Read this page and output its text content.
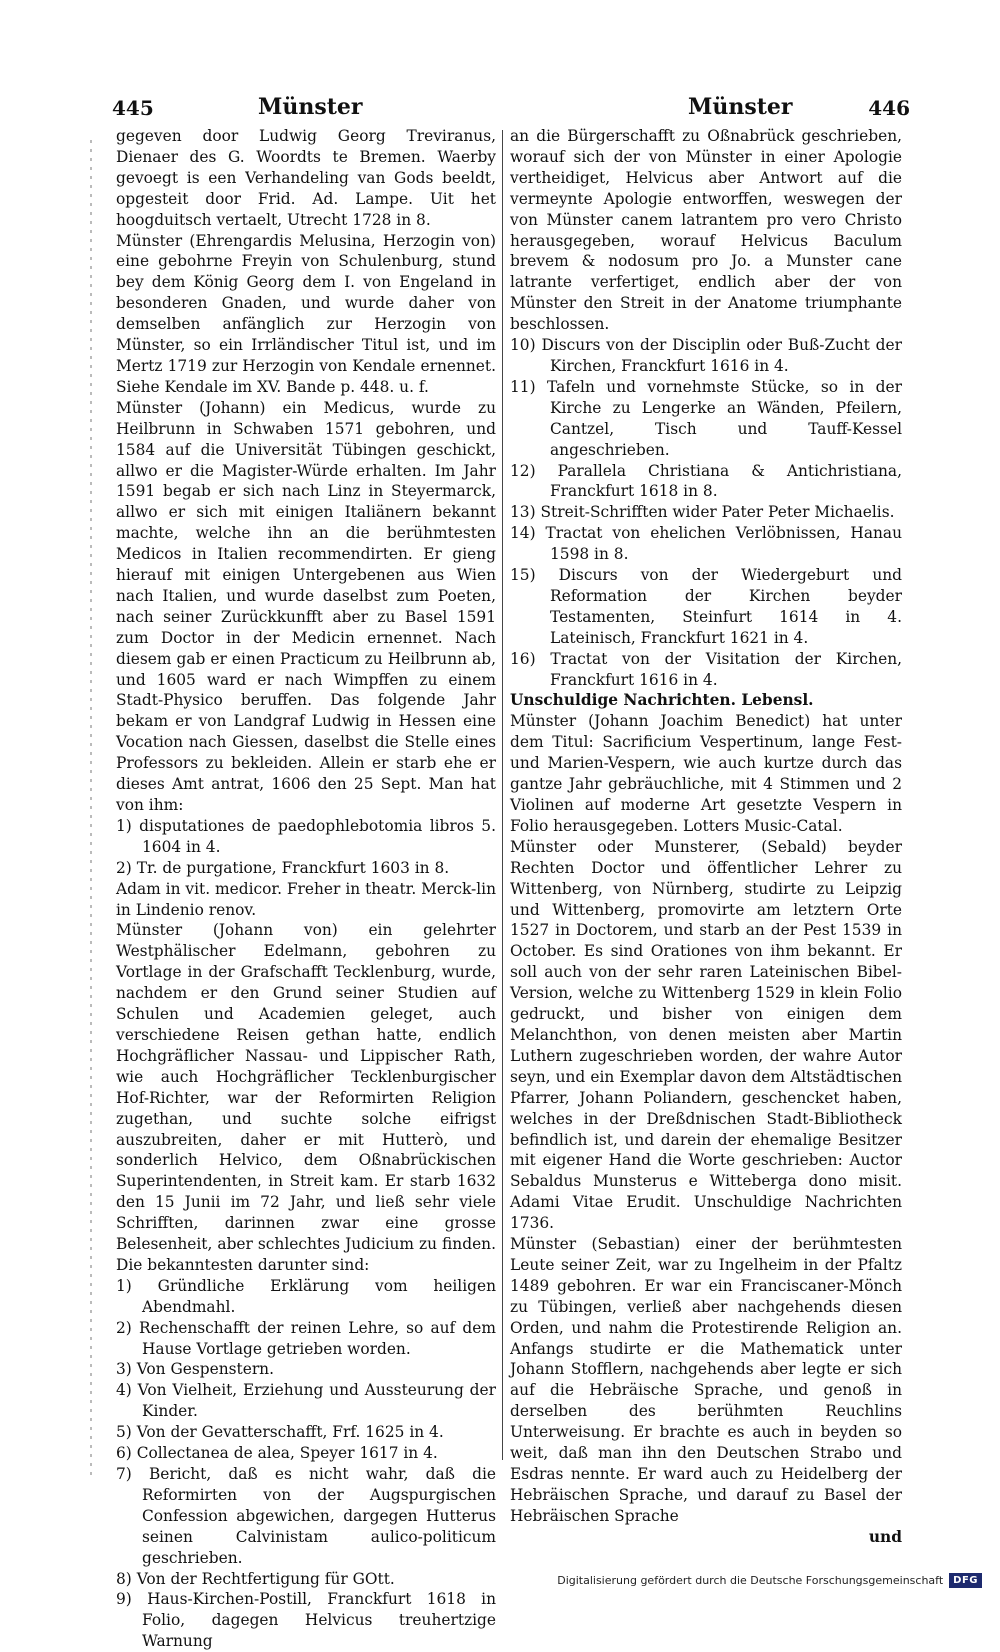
445	Münster	Münster	446

gegeven door Ludwig Georg Treviranus, Dienaer des G. Woordts te Bremen. Waerby gevoegt is een Verhandeling van Gods beeldt, opgesteit door Frid. Ad. Lampe. Uit het hoogduitsch vertaelt, Utrecht 1728 in 8.

Münster (Ehrengardis Melusina, Herzogin von) eine gebohrne Freyin von Schulenburg, stund bey dem König Georg dem I. von Engeland in besonderen Gnaden, und wurde daher von demselben anfänglich zur Herzogin von Münster, so ein Irrländischer Titul ist, und im Mertz 1719 zur Herzogin von Kendale ernennet. Siehe Kendale im XV. Bande p. 448. u. f.

Münster (Johann) ein Medicus, wurde zu Heilbrunn in Schwaben 1571 gebohren, und 1584 auf die Universität Tübingen geschickt, allwo er die Magister-Würde erhalten. Im Jahr 1591 begab er sich nach Linz in Steyermarck, allwo er sich mit einigen Italiänern bekannt machte, welche ihn an die berühmtesten Medicos in Italien recommendirten. Er gieng hierauf mit einigen Untergebenen aus Wien nach Italien, und wurde daselbst zum Poeten, nach seiner Zurückkunfft aber zu Basel 1591 zum Doctor in der Medicin ernennet. Nach diesem gab er einen Practicum zu Heilbrunn ab, und 1605 ward er nach Wimpffen zu einem Stadt-Physico beruffen. Das folgende Jahr bekam er von Landgraf Ludwig in Hessen eine Vocation nach Giessen, daselbst die Stelle eines Professors zu bekleiden. Allein er starb ehe er dieses Amt antrat, 1606 den 25 Sept. Man hat von ihm:

1) disputationes de paedophlebotomia libros 5. 1604 in 4.

2) Tr. de purgatione, Franckfurt 1603 in 8.

Adam in vit. medicor. Freher in theatr. Merck-lin in Lindenio renov.

Münster (Johann von) ein gelehrter Westphälischer Edelmann, gebohren zu Vortlage in der Grafschafft Tecklenburg, wurde, nachdem er den Grund seiner Studien auf Schulen und Academien geleget, auch verschiedene Reisen gethan hatte, endlich Hochgräflicher Nassau- und Lippischer Rath, wie auch Hochgräflicher Tecklenburgischer Hof-Richter, war der Reformirten Religion zugethan, und suchte solche eifrigst auszubreiten, daher er mit Hutterò, und sonderlich Helvico, dem Oßnabrückischen Superintendenten, in Streit kam. Er starb 1632 den 15 Junii im 72 Jahr, und ließ sehr viele Schrifften, darinnen zwar eine grosse Belesenheit, aber schlechtes Judicium zu finden. Die bekanntesten darunter sind:

1) Gründliche Erklärung vom heiligen Abendmahl.

2) Rechenschafft der reinen Lehre, so auf dem Hause Vortlage getrieben worden.

3) Von Gespenstern.

4) Von Vielheit, Erziehung und Aussteurung der Kinder.

5) Von der Gevatterschafft, Frf. 1625 in 4.

6) Collectanea de alea, Speyer 1617 in 4.

7) Bericht, daß es nicht wahr, daß die Reformirten von der Augspurgischen Confession abgewichen, dargegen Hutterus seinen Calvinistam aulico-politicum geschrieben.

8) Von der Rechtfertigung für GOtt.

9) Haus-Kirchen-Postill, Franckfurt 1618 in Folio, dagegen Helvicus treuhertzige Warnung

an die Bürgerschafft zu Oßnabrück geschrieben, worauf sich der von Münster in einer Apologie vertheidiget, Helvicus aber Antwort auf die vermeynte Apologie entworffen, weswegen der von Münster canem latrantem pro vero Christo herausgegeben, worauf Helvicus Baculum brevem & nodosum pro Jo. a Munster cane latrante verfertiget, endlich aber der von Münster den Streit in der Anatome triumphante beschlossen.

10) Discurs von der Disciplin oder Buß-Zucht der Kirchen, Franckfurt 1616 in 4.

11) Tafeln und vornehmste Stücke, so in der Kirche zu Lengerke an Wänden, Pfeilern, Cantzel, Tisch und Tauff-Kessel angeschrieben.

12) Parallela Christiana & Antichristiana, Franckfurt 1618 in 8.

13) Streit-Schrifften wider Pater Peter Michaelis.

14) Tractat von ehelichen Verlöbnissen, Hanau 1598 in 8.

15) Discurs von der Wiedergeburt und Reformation der Kirchen beyder Testamenten, Steinfurt 1614 in 4. Lateinisch, Franckfurt 1621 in 4.

16) Tractat von der Visitation der Kirchen, Franckfurt 1616 in 4.

Unschuldige Nachrichten. Lebensl.

Münster (Johann Joachim Benedict) hat unter dem Titul: Sacrificium Vespertinum, lange Fest- und Marien-Vespern, wie auch kurtze durch das gantze Jahr gebräuchliche, mit 4 Stimmen und 2 Violinen auf moderne Art gesetzte Vespern in Folio herausgegeben. Lotters Music-Catal.

Münster oder Munsterer, (Sebald) beyder Rechten Doctor und öffentlicher Lehrer zu Wittenberg, von Nürnberg, studirte zu Leipzig und Wittenberg, promovirte am letztern Orte 1527 in Doctorem, und starb an der Pest 1539 in October. Es sind Orationes von ihm bekannt. Er soll auch von der sehr raren Lateinischen Bibel-Version, welche zu Wittenberg 1529 in klein Folio gedruckt, und bisher von einigen dem Melanchthon, von denen meisten aber Martin Luthern zugeschrieben worden, der wahre Autor seyn, und ein Exemplar davon dem Altstädtischen Pfarrer, Johann Poliandern, geschencket haben, welches in der Dreßdnischen Stadt-Bibliotheck befindlich ist, und darein der ehemalige Besitzer mit eigener Hand die Worte geschrieben: Auctor Sebaldus Munsterus e Witteberga dono misit. Adami Vitae Erudit. Unschuldige Nachrichten 1736.

Münster (Sebastian) einer der berühmtesten Leute seiner Zeit, war zu Ingelheim in der Pfaltz 1489 gebohren. Er war ein Franciscaner-Mönch zu Tübingen, verließ aber nachgehends diesen Orden, und nahm die Protestirende Religion an. Anfangs studirte er die Mathematick unter Johann Stofflern, nachgehends aber legte er sich auf die Hebräische Sprache, und genoß in derselben des berühmten Reuchlins Unterweisung. Er brachte es auch in beyden so weit, daß man ihn den Deutschen Strabo und Esdras nennte. Er ward auch zu Heidelberg der Hebräischen Sprache, und darauf zu Basel der Hebräischen Sprache

und

Digitalisierung gefördert durch die Deutsche Forschungsgemeinschaft	DFG
